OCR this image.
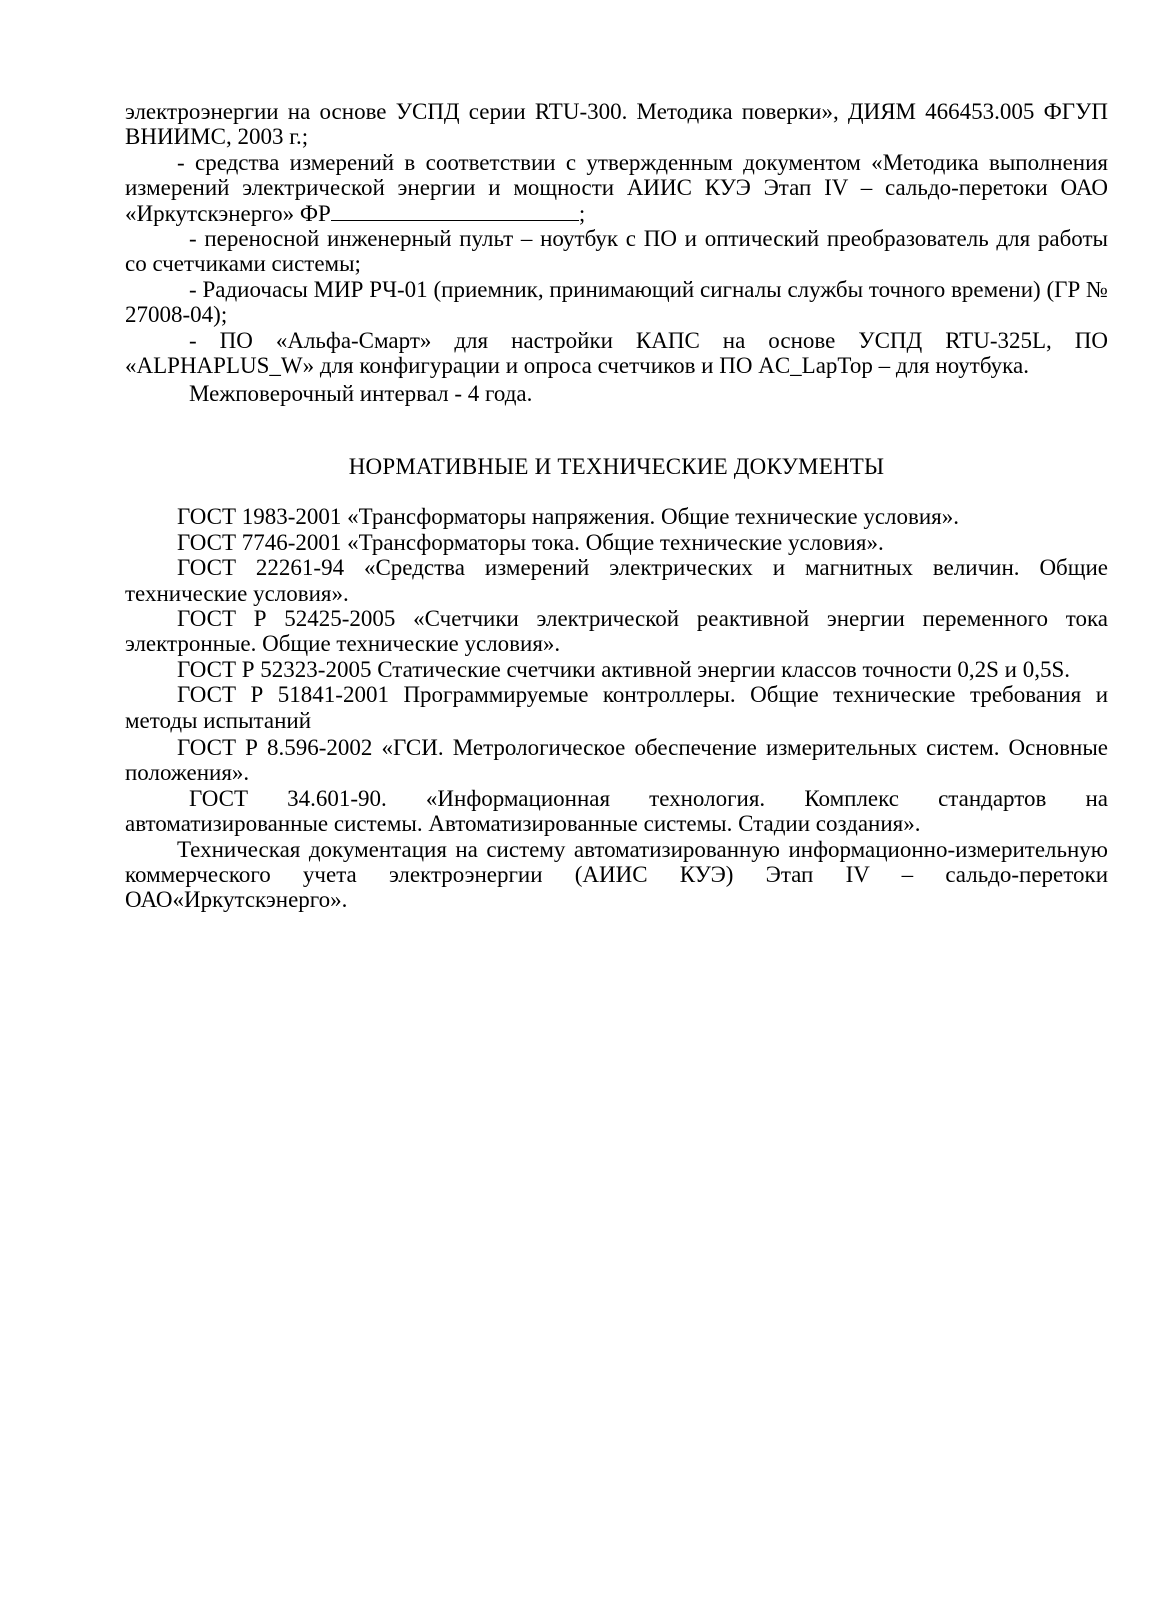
электроэнергии на основе УСПД серии RTU-300. Методика поверки», ДИЯМ 466453.005 ФГУП ВНИИМС, 2003 г.;

- средства измерений в соответствии с утвержденным документом «Методика выполнения измерений электрической энергии и мощности АИИС КУЭ Этап IV – сальдо-перетоки ОАО «Иркутскэнерго» ФР	;

- переносной инженерный пульт – ноутбук с ПО и оптический преобразователь для работы со счетчиками системы;

- Радиочасы МИР РЧ-01 (приемник, принимающий сигналы службы точного времени) (ГР № 27008-04);

- ПО «Альфа-Смарт» для настройки КАПС на основе УСПД RTU-325L, ПО «ALPHAPLUS_W» для конфигурации и опроса счетчиков и ПО AC_LapTop – для ноутбука.

Межповерочный интервал - 4 года.

НОРМАТИВНЫЕ И ТЕХНИЧЕСКИЕ ДОКУМЕНТЫ

ГОСТ 1983-2001 «Трансформаторы напряжения. Общие технические условия».

ГОСТ 7746-2001 «Трансформаторы тока. Общие технические условия».

ГОСТ 22261-94 «Средства измерений электрических и магнитных величин. Общие технические условия».

ГОСТ Р 52425-2005 «Счетчики электрической реактивной энергии переменного тока электронные. Общие технические условия».

ГОСТ Р 52323-2005 Статические счетчики активной энергии классов точности 0,2S и 0,5S.

ГОСТ Р 51841-2001 Программируемые контроллеры. Общие технические требования и методы испытаний

ГОСТ Р 8.596-2002 «ГСИ. Метрологическое обеспечение измерительных систем. Основные положения».

ГОСТ 34.601-90. «Информационная технология. Комплекс стандартов на автоматизированные системы. Автоматизированные системы. Стадии создания».

Техническая документация на систему автоматизированную информационно-измерительную коммерческого учета электроэнергии (АИИС КУЭ) Этап IV – сальдо-перетоки ОАО«Иркутскэнерго».
